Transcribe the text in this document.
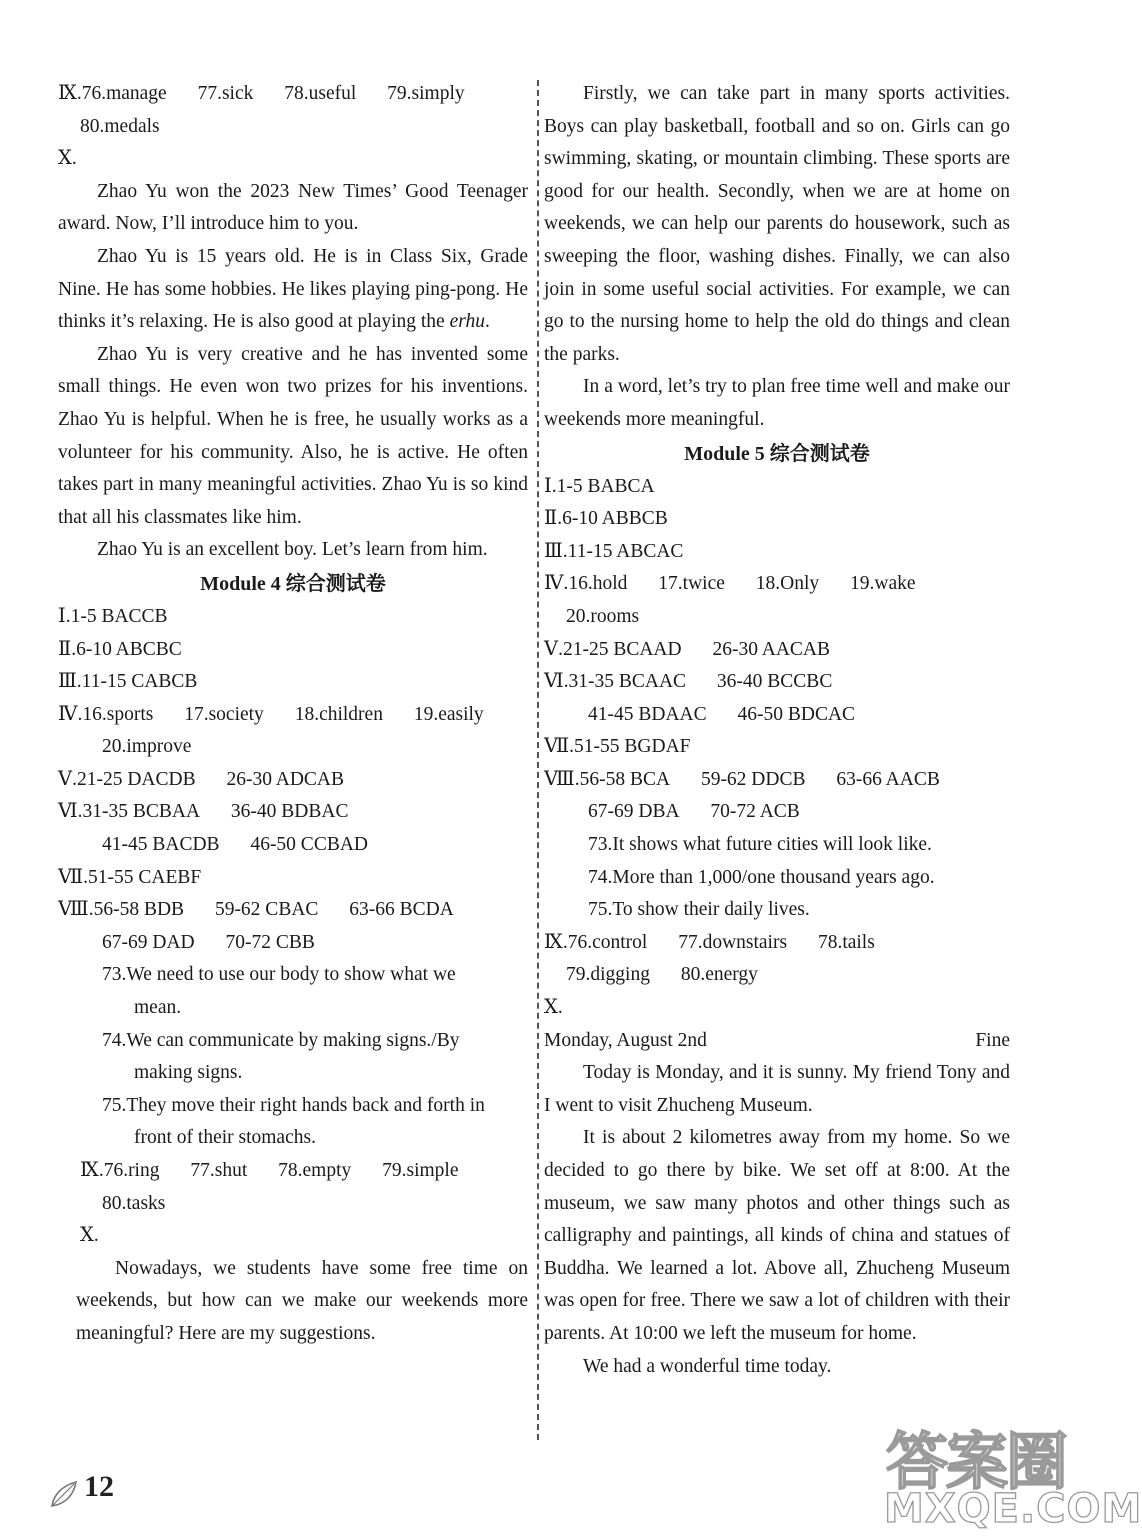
Ⅸ.76.manage 77.sick 78.useful 79.simply
80.medals
Ⅹ.

Zhao Yu won the 2023 New Times’ Good Teenager award. Now, I’ll introduce him to you.

Zhao Yu is 15 years old. He is in Class Six, Grade Nine. He has some hobbies. He likes playing ping-pong. He thinks it’s relaxing. He is also good at playing the erhu.

Zhao Yu is very creative and he has invented some small things. He even won two prizes for his inventions. Zhao Yu is helpful. When he is free, he usually works as a volunteer for his community. Also, he is active. He often takes part in many meaningful activities. Zhao Yu is so kind that all his classmates like him.

Zhao Yu is an excellent boy. Let’s learn from him.

Module 4 综合测试卷
Ⅰ.1-5 BACCB
Ⅱ.6-10 ABCBC
Ⅲ.11-15 CABCB
Ⅳ.16.sports 17.society 18.children 19.easily
20.improve
Ⅴ.21-25 DACDB 26-30 ADCAB
Ⅵ.31-35 BCBAA 36-40 BDBAC
41-45 BACDB 46-50 CCBAD
Ⅶ.51-55 CAEBF
Ⅷ.56-58 BDB 59-62 CBAC 63-66 BCDA
67-69 DAD 70-72 CBB
73.We need to use our body to show what we
mean.
74.We can communicate by making signs./By
making signs.
75.They move their right hands back and forth in
front of their stomachs.
Ⅸ.76.ring 77.shut 78.empty 79.simple
80.tasks
Ⅹ.

Nowadays, we students have some free time on weekends, but how can we make our weekends more meaningful? Here are my suggestions.

Firstly, we can take part in many sports activities. Boys can play basketball, football and so on. Girls can go swimming, skating, or mountain climbing. These sports are good for our health. Secondly, when we are at home on weekends, we can help our parents do housework, such as sweeping the floor, washing dishes. Finally, we can also join in some useful social activities. For example, we can go to the nursing home to help the old do things and clean the parks.

In a word, let’s try to plan free time well and make our weekends more meaningful.

Module 5 综合测试卷
Ⅰ.1-5 BABCA
Ⅱ.6-10 ABBCB
Ⅲ.11-15 ABCAC
Ⅳ.16.hold 17.twice 18.Only 19.wake
20.rooms
Ⅴ.21-25 BCAAD 26-30 AACAB
Ⅵ.31-35 BCAAC 36-40 BCCBC
41-45 BDAAC 46-50 BDCAC
Ⅶ.51-55 BGDAF
Ⅷ.56-58 BCA 59-62 DDCB 63-66 AACB
67-69 DBA 70-72 ACB
73.It shows what future cities will look like.
74.More than 1,000/one thousand years ago.
75.To show their daily lives.
Ⅸ.76.control 77.downstairs 78.tails
79.digging 80.energy
Ⅹ.
Monday, August 2nd	Fine

Today is Monday, and it is sunny. My friend Tony and I went to visit Zhucheng Museum.

It is about 2 kilometres away from my home. So we decided to go there by bike. We set off at 8:00. At the museum, we saw many photos and other things such as calligraphy and paintings, all kinds of china and statues of Buddha. We learned a lot. Above all, Zhucheng Museum was open for free. There we saw a lot of children with their parents. At 10:00 we left the museum for home.

We had a wonderful time today.

12	答案圈
MXQE.COM
